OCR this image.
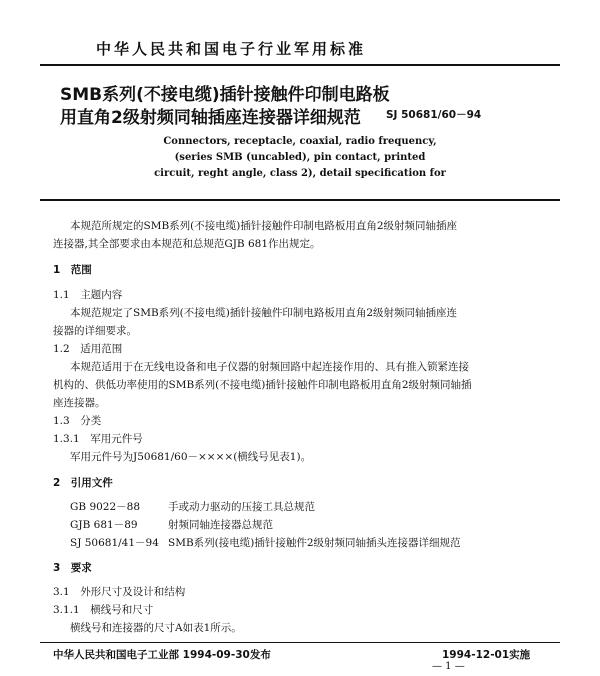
中华人民共和国电子行业军用标准
SMB系列(不接电缆)插针接触件印制电路板
用直角2级射频同轴插座连接器详细规范 SJ 50681/60－94
Connectors, receptacle, coaxial, radio frequency,
(series SMB (uncabled), pin contact, printed
circuit, reght angle, class 2), detail specification for
本规范所规定的SMB系列(不接电缆)插针接触件印制电路板用直角2级射频同轴插座
连接器,其全部要求由本规范和总规范GJB 681作出规定。
1　范围
1.1　主题内容
本规范规定了SMB系列(不接电缆)插针接触件印制电路板用直角2级射频同轴插座连
接器的详细要求。
1.2　适用范围
本规范适用于在无线电设备和电子仪器的射频回路中起连接作用的、具有推入锁紧连接
机构的、供低功率使用的SMB系列(不接电缆)插针接触件印制电路板用直角2级射频同轴插
座连接器。
1.3　分类
1.3.1　军用元件号
军用元件号为J50681/60－××××(横线号见表1)。
2　引用文件
GB 9022－88	手或动力驱动的压接工具总规范
GJB 681－89	射频同轴连接器总规范
SJ 50681/41－94 SMB系列(接电缆)插针接触件2级射频同轴插头连接器详细规范
3　要求
3.1　外形尺寸及设计和结构
3.1.1　横线号和尺寸
横线号和连接器的尺寸A如表1所示。
中华人民共和国电子工业部 1994-09-30发布	1994-12-01实施
— 1 —
